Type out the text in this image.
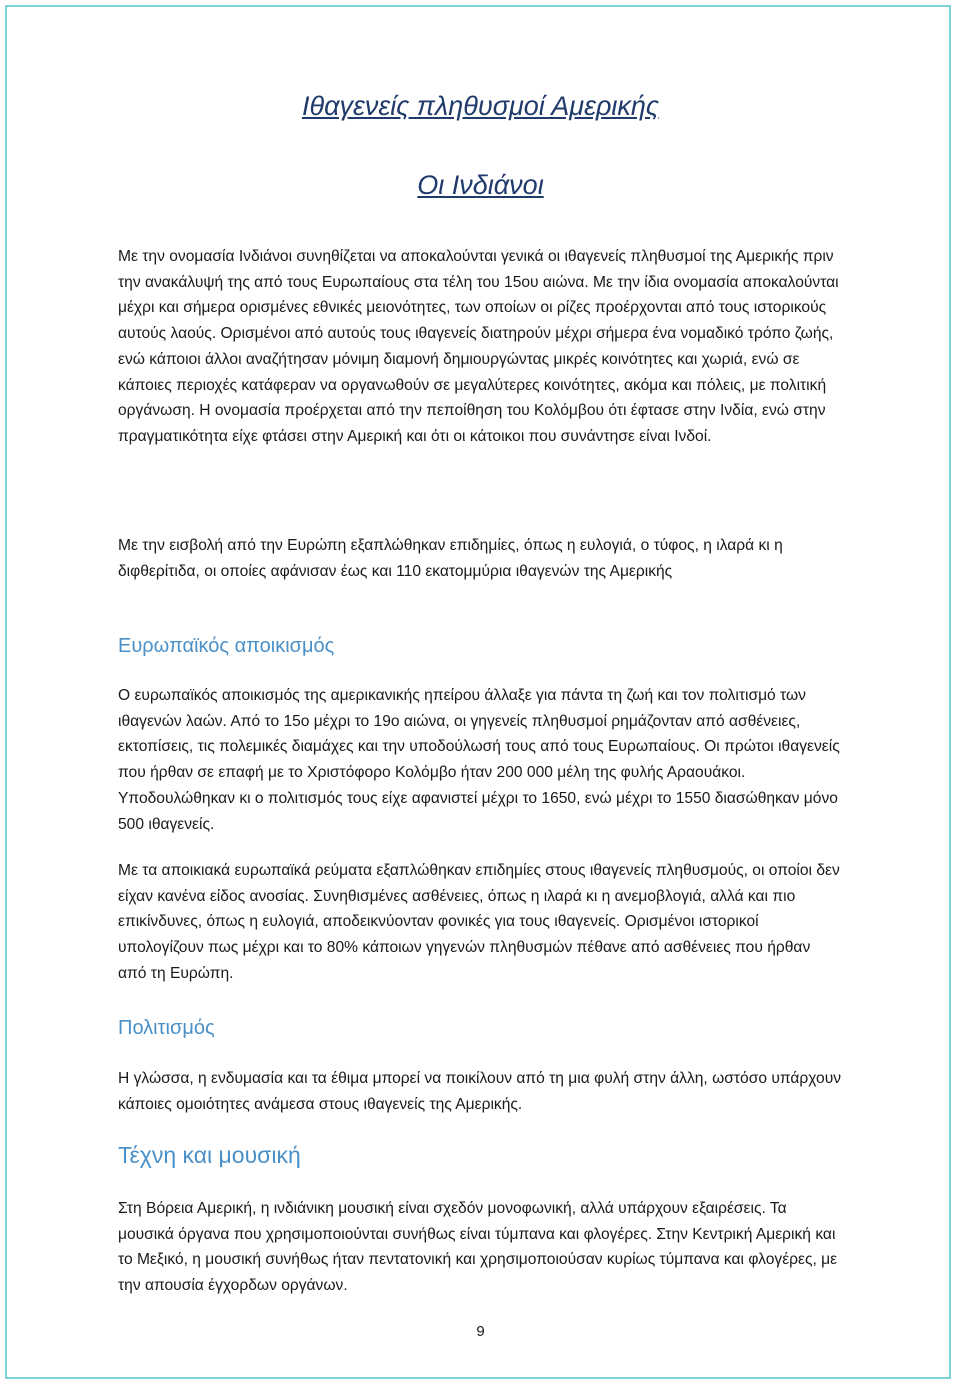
Ιθαγενείς πληθυσμοί Αμερικής
Οι Ινδιάνοι

Με την ονομασία Ινδιάνοι συνηθίζεται να αποκαλούνται γενικά οι ιθαγενείς πληθυσμοί της Αμερικής πριν την ανακάλυψή της από τους Ευρωπαίους στα τέλη του 15ου αιώνα. Με την ίδια ονομασία αποκαλούνται μέχρι και σήμερα ορισμένες εθνικές μειονότητες, των οποίων οι ρίζες προέρχονται από τους ιστορικούς αυτούς λαούς. Ορισμένοι από αυτούς τους ιθαγενείς διατηρούν μέχρι σήμερα ένα νομαδικό τρόπο ζωής, ενώ κάποιοι άλλοι αναζήτησαν μόνιμη διαμονή δημιουργώντας μικρές κοινότητες και χωριά, ενώ σε κάποιες περιοχές κατάφεραν να οργανωθούν σε μεγαλύτερες κοινότητες, ακόμα και πόλεις, με πολιτική οργάνωση. Η ονομασία προέρχεται από την πεποίθηση του Κολόμβου ότι έφτασε στην Ινδία, ενώ στην πραγματικότητα είχε φτάσει στην Αμερική και ότι οι κάτοικοι που συνάντησε είναι Ινδοί.

Με την εισβολή από την Ευρώπη εξαπλώθηκαν επιδημίες, όπως η ευλογιά, ο τύφος, η ιλαρά κι η διφθερίτιδα, οι οποίες αφάνισαν έως και 110 εκατομμύρια ιθαγενών της Αμερικής

Ευρωπαϊκός αποικισμός

Ο ευρωπαϊκός αποικισμός της αμερικανικής ηπείρου άλλαξε για πάντα τη ζωή και τον πολιτισμό των ιθαγενών λαών. Από το 15ο μέχρι το 19ο αιώνα, οι γηγενείς πληθυσμοί ρημάζονταν από ασθένειες, εκτοπίσεις, τις πολεμικές διαμάχες και την υποδούλωσή τους από τους Ευρωπαίους. Οι πρώτοι ιθαγενείς που ήρθαν σε επαφή με το Χριστόφορο Κολόμβο ήταν 200 000 μέλη της φυλής Αραουάκοι. Υποδουλώθηκαν κι ο πολιτισμός τους είχε αφανιστεί μέχρι το 1650, ενώ μέχρι το 1550 διασώθηκαν μόνο 500 ιθαγενείς.

Με τα αποικιακά ευρωπαϊκά ρεύματα εξαπλώθηκαν επιδημίες στους ιθαγενείς πληθυσμούς, οι οποίοι δεν είχαν κανένα είδος ανοσίας. Συνηθισμένες ασθένειες, όπως η ιλαρά κι η ανεμοβλογιά, αλλά και πιο επικίνδυνες, όπως η ευλογιά, αποδεικνύονταν φονικές για τους ιθαγενείς. Ορισμένοι ιστορικοί υπολογίζουν πως μέχρι και το 80% κάποιων γηγενών πληθυσμών πέθανε από ασθένειες που ήρθαν από τη Ευρώπη.

Πολιτισμός

Η γλώσσα, η ενδυμασία και τα έθιμα μπορεί να ποικίλουν από τη μια φυλή στην άλλη, ωστόσο υπάρχουν κάποιες ομοιότητες ανάμεσα στους ιθαγενείς της Αμερικής.

Τέχνη και μουσική

Στη Βόρεια Αμερική, η ινδιάνικη μουσική είναι σχεδόν μονοφωνική, αλλά υπάρχουν εξαιρέσεις. Τα μουσικά όργανα που χρησιμοποιούνται συνήθως είναι τύμπανα και φλογέρες. Στην Κεντρική Αμερική και το Μεξικό, η μουσική συνήθως ήταν πεντατονική και χρησιμοποιούσαν κυρίως τύμπανα και φλογέρες, με την απουσία έγχορδων οργάνων.

9
